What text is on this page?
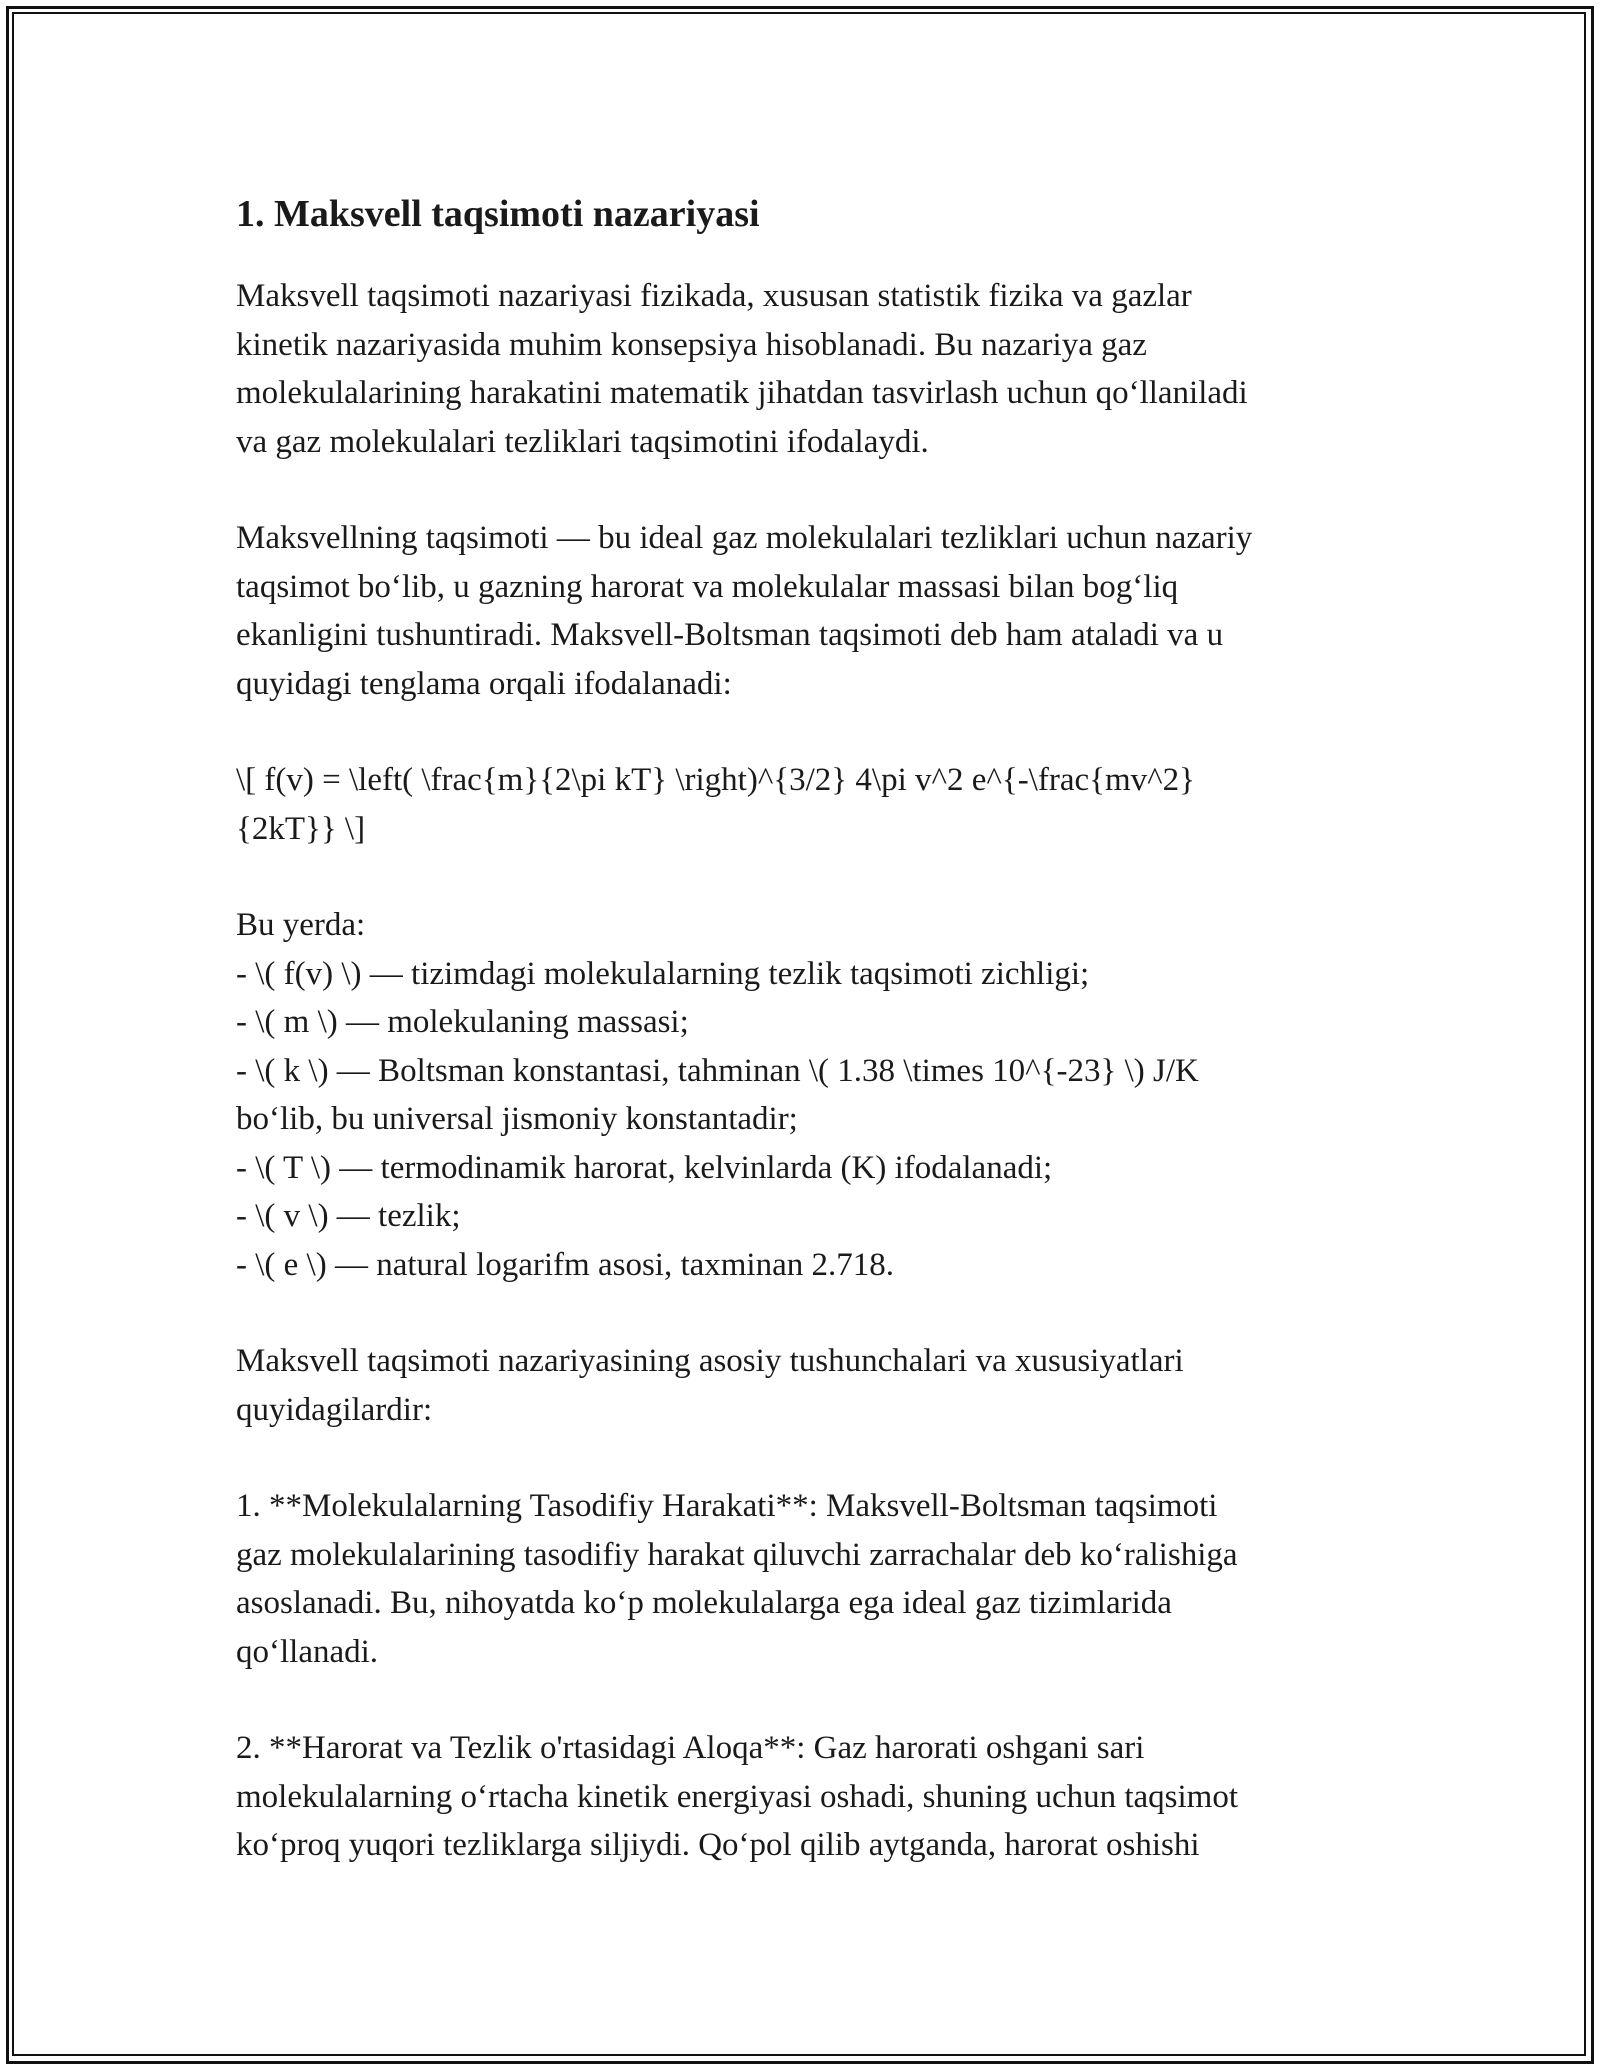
1. Maksvell taqsimoti nazariyasi

Maksvell taqsimoti nazariyasi fizikada, xususan statistik fizika va gazlar
kinetik nazariyasida muhim konsepsiya hisoblanadi. Bu nazariya gaz
molekulalarining harakatini matematik jihatdan tasvirlash uchun qo‘llaniladi
va gaz molekulalari tezliklari taqsimotini ifodalaydi.

Maksvellning taqsimoti — bu ideal gaz molekulalari tezliklari uchun nazariy
taqsimot bo‘lib, u gazning harorat va molekulalar massasi bilan bog‘liq
ekanligini tushuntiradi. Maksvell-Boltsman taqsimoti deb ham ataladi va u
quyidagi tenglama orqali ifodalanadi:

\[ f(v) = \left( \frac{m}{2\pi kT} \right)^{3/2} 4\pi v^2 e^{-\frac{mv^2}
{2kT}} \]

Bu yerda:
- \( f(v) \) — tizimdagi molekulalarning tezlik taqsimoti zichligi;
- \( m \) — molekulaning massasi;
- \( k \) — Boltsman konstantasi, tahminan \( 1.38 \times 10^{-23} \) J/K
bo‘lib, bu universal jismoniy konstantadir;
- \( T \) — termodinamik harorat, kelvinlarda (K) ifodalanadi;
- \( v \) — tezlik;
- \( e \) — natural logarifm asosi, taxminan 2.718.

Maksvell taqsimoti nazariyasining asosiy tushunchalari va xususiyatlari
quyidagilardir:

1. **Molekulalarning Tasodifiy Harakati**: Maksvell-Boltsman taqsimoti
gaz molekulalarining tasodifiy harakat qiluvchi zarrachalar deb ko‘ralishiga
asoslanadi. Bu, nihoyatda ko‘p molekulalarga ega ideal gaz tizimlarida
qo‘llanadi.

2. **Harorat va Tezlik o'rtasidagi Aloqa**: Gaz harorati oshgani sari
molekulalarning o‘rtacha kinetik energiyasi oshadi, shuning uchun taqsimot
ko‘proq yuqori tezliklarga siljiydi. Qo‘pol qilib aytganda, harorat oshishi
